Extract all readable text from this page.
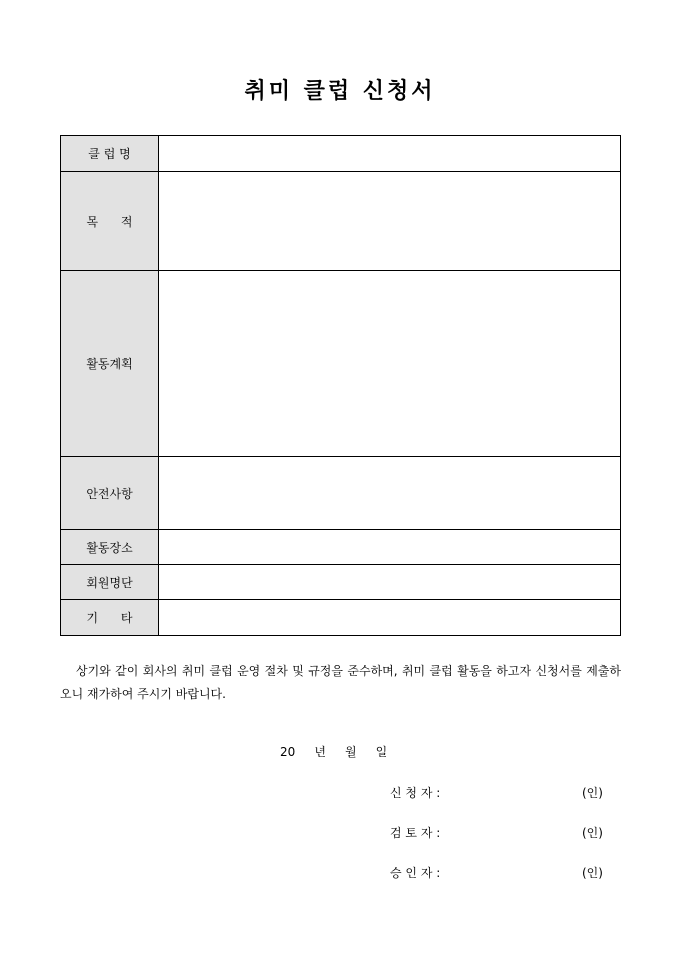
취미 클럽 신청서
클 럽 명	
목      적	
활동계획	
안전사항	
활동장소	
회원명단	
기      타	
상기와 같이 회사의 취미 클럽 운영 절차 및 규정을 준수하며, 취미 클럽 활동을 하고자 신청서를 제출하오니 재가하여 주시기 바랍니다.
20     년     월     일
신 청 자 :	(인)
검 토 자 :	(인)
승 인 자 :	(인)
